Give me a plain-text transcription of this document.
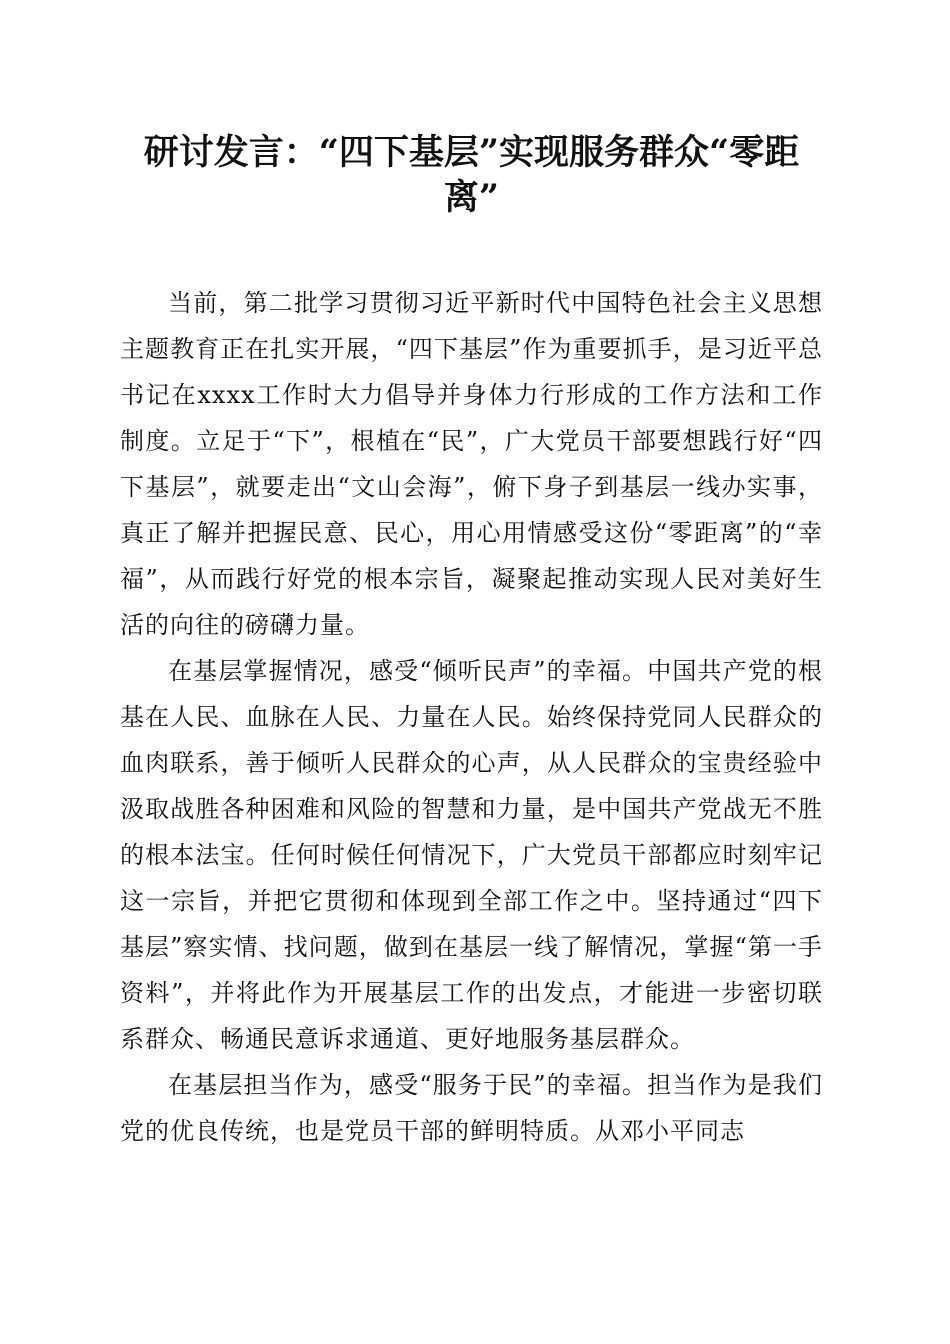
研讨发言：“四下基层”实现服务群众“零距离”

当前，第二批学习贯彻习近平新时代中国特色社会主义思想主题教育正在扎实开展，“四下基层”作为重要抓手，是习近平总书记在xxxx工作时大力倡导并身体力行形成的工作方法和工作制度。立足于“下”，根植在“民”，广大党员干部要想践行好“四下基层”，就要走出“文山会海”，俯下身子到基层一线办实事，真正了解并把握民意、民心，用心用情感受这份“零距离”的“幸福”，从而践行好党的根本宗旨，凝聚起推动实现人民对美好生活的向往的磅礴力量。

在基层掌握情况，感受“倾听民声”的幸福。中国共产党的根基在人民、血脉在人民、力量在人民。始终保持党同人民群众的血肉联系，善于倾听人民群众的心声，从人民群众的宝贵经验中汲取战胜各种困难和风险的智慧和力量，是中国共产党战无不胜的根本法宝。任何时候任何情况下，广大党员干部都应时刻牢记这一宗旨，并把它贯彻和体现到全部工作之中。坚持通过“四下基层”察实情、找问题，做到在基层一线了解情况，掌握“第一手资料”，并将此作为开展基层工作的出发点，才能进一步密切联系群众、畅通民意诉求通道、更好地服务基层群众。

在基层担当作为，感受“服务于民”的幸福。担当作为是我们党的优良传统，也是党员干部的鲜明特质。从邓小平同志
